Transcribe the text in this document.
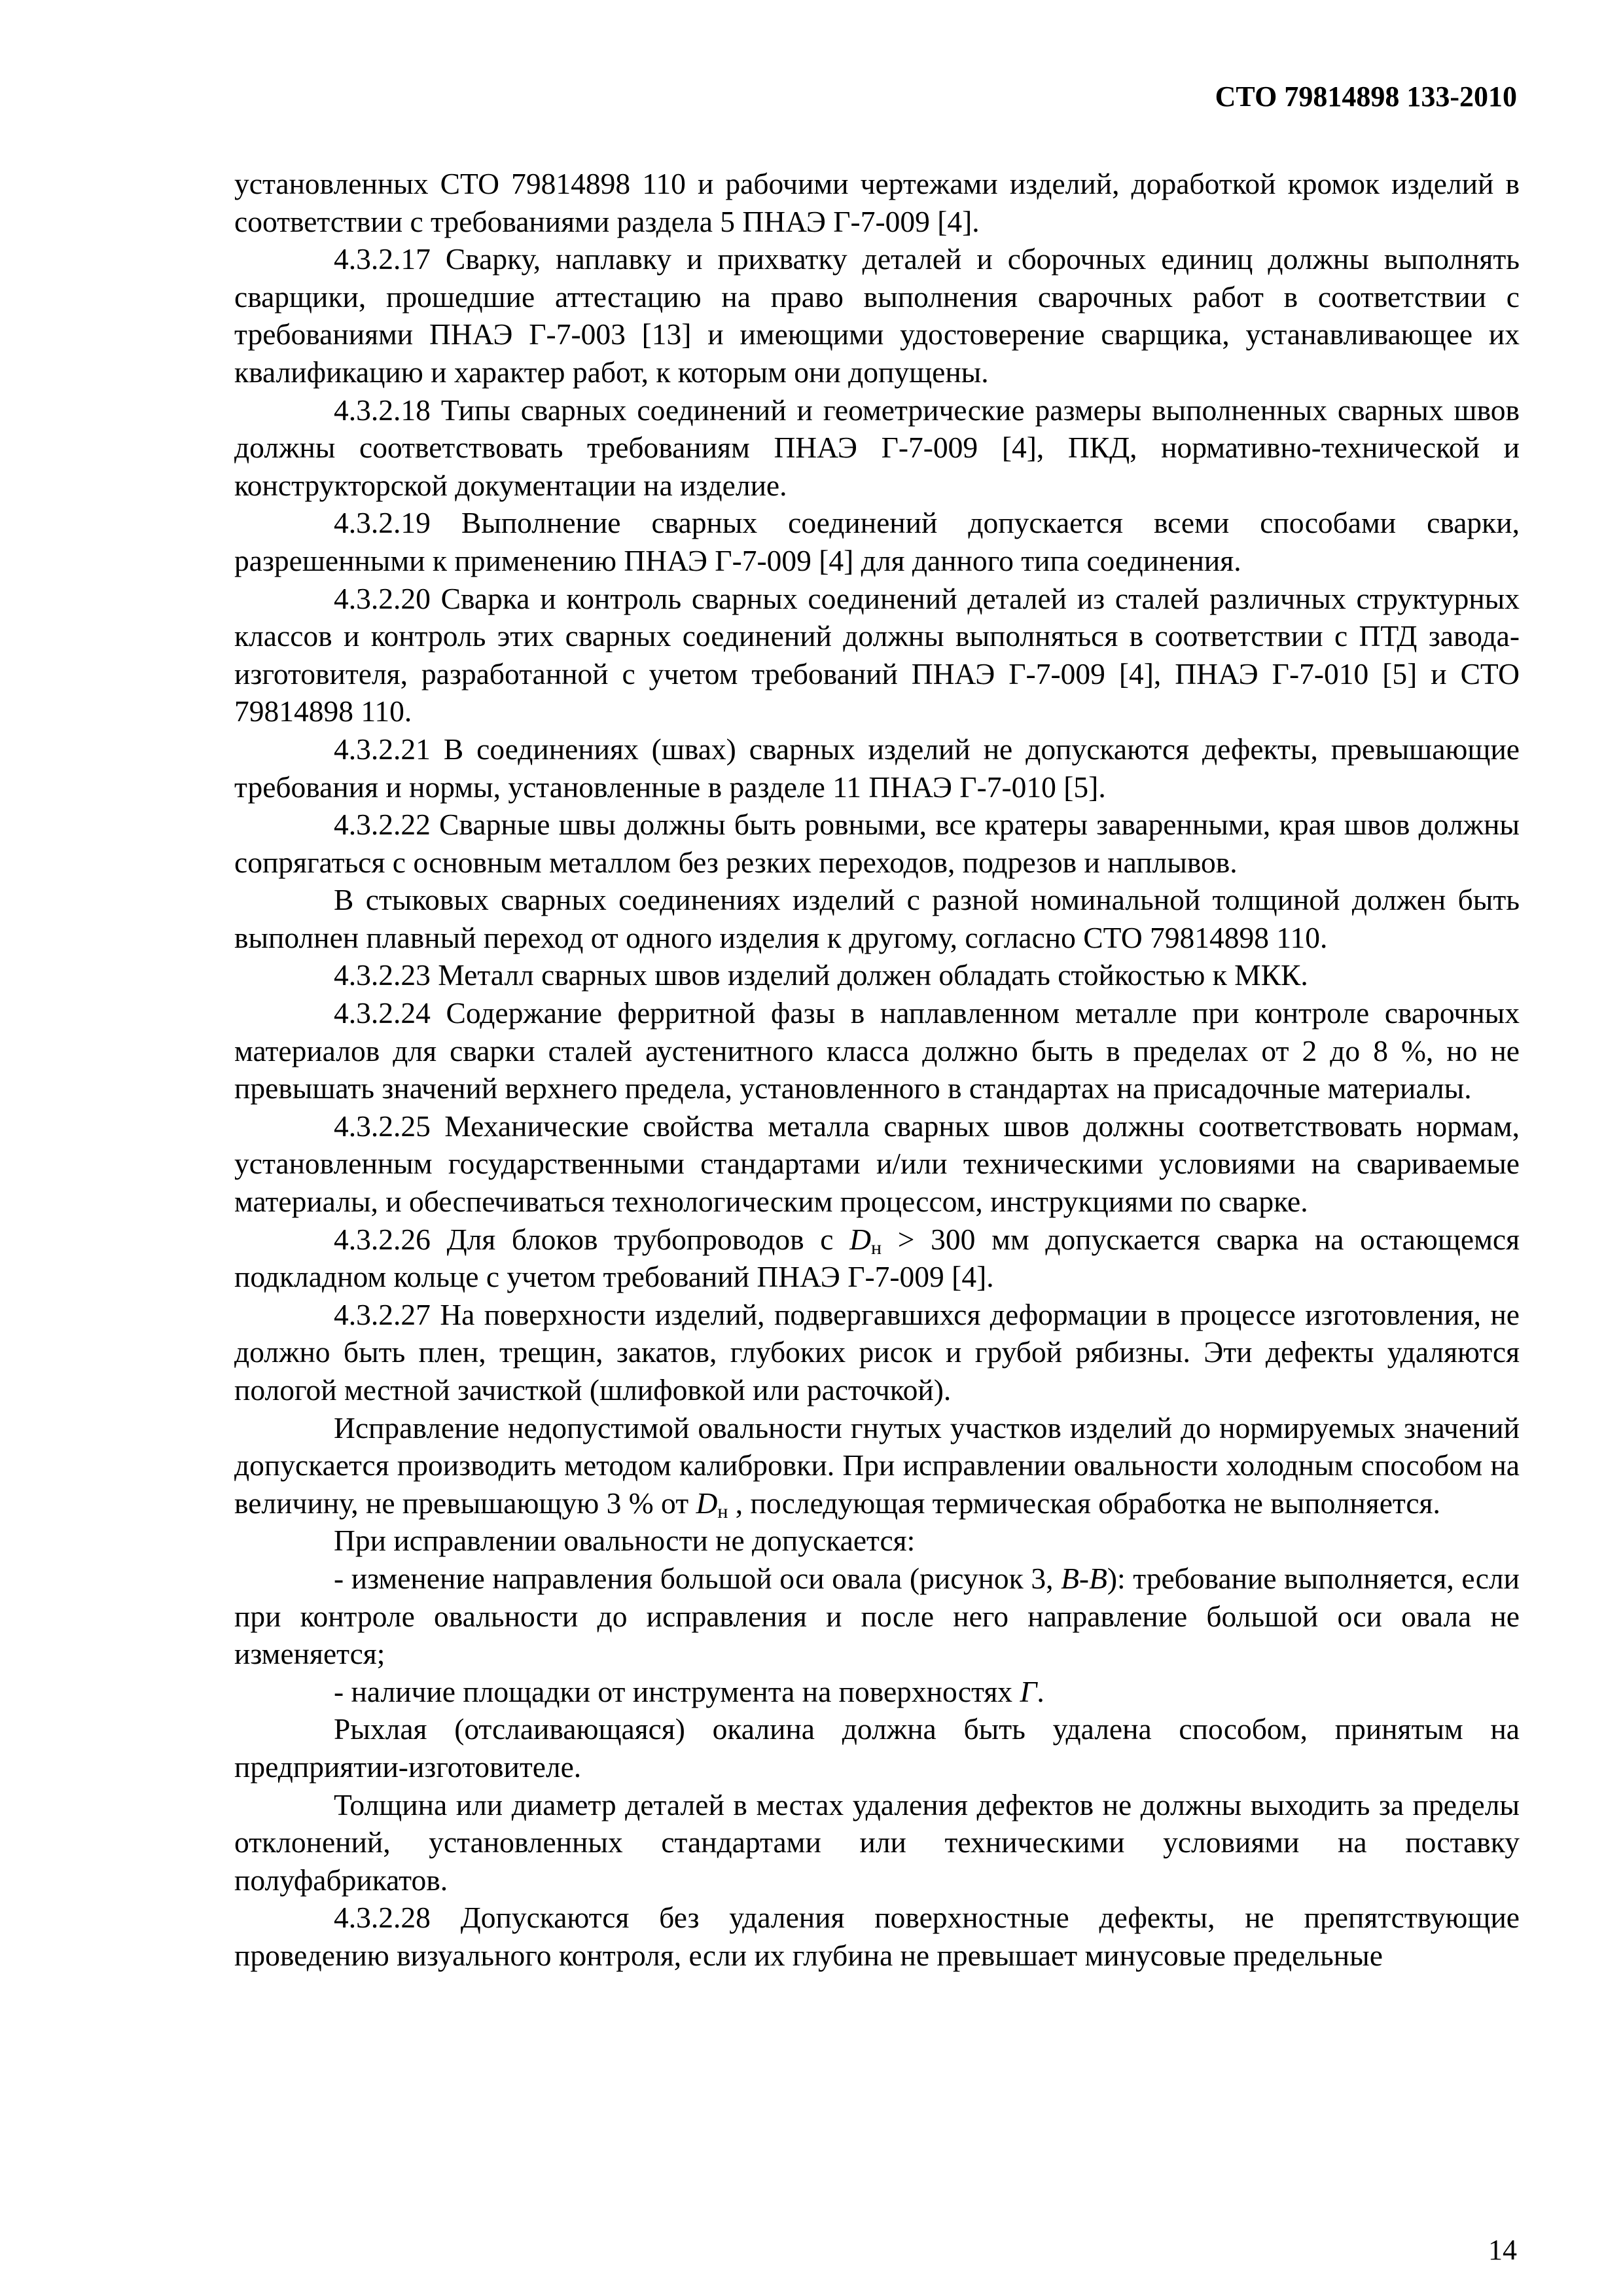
СТО 79814898 133-2010

установленных СТО 79814898 110 и рабочими чертежами изделий, доработкой кромок изделий в соответствии с требованиями раздела 5 ПНАЭ Г-7-009 [4].

4.3.2.17 Сварку, наплавку и прихватку деталей и сборочных единиц должны выполнять сварщики, прошедшие аттестацию на право выполнения сварочных работ в соответствии с требованиями ПНАЭ Г-7-003 [13] и имеющими удостоверение сварщика, устанавливающее их квалификацию и характер работ, к которым они допущены.

4.3.2.18 Типы сварных соединений и геометрические размеры выполненных сварных швов должны соответствовать требованиям ПНАЭ Г-7-009 [4], ПКД, нормативно-технической и конструкторской документации на изделие.

4.3.2.19 Выполнение сварных соединений допускается всеми способами сварки, разрешенными к применению ПНАЭ Г-7-009 [4] для данного типа соединения.

4.3.2.20 Сварка и контроль сварных соединений деталей из сталей различных структурных классов и контроль этих сварных соединений должны выполняться в соответствии с ПТД завода-изготовителя, разработанной с учетом требований ПНАЭ Г-7-009 [4], ПНАЭ Г-7-010 [5] и СТО 79814898 110.

4.3.2.21 В соединениях (швах) сварных изделий не допускаются дефекты, превышающие требования и нормы, установленные в разделе 11 ПНАЭ Г-7-010 [5].

4.3.2.22 Сварные швы должны быть ровными, все кратеры заваренными, края швов должны сопрягаться с основным металлом без резких переходов, подрезов и наплывов.

В стыковых сварных соединениях изделий с разной номинальной толщиной должен быть выполнен плавный переход от одного изделия к другому, согласно СТО 79814898 110.

4.3.2.23 Металл сварных швов изделий должен обладать стойкостью к МКК.

4.3.2.24 Содержание ферритной фазы в наплавленном металле при контроле сварочных материалов для сварки сталей аустенитного класса должно быть в пределах от 2 до 8 %, но не превышать значений верхнего предела, установленного в стандартах на присадочные материалы.

4.3.2.25 Механические свойства металла сварных швов должны соответствовать нормам, установленным государственными стандартами и/или техническими условиями на свариваемые материалы, и обеспечиваться технологическим процессом, инструкциями по сварке.

4.3.2.26 Для блоков трубопроводов с $D_н > 300$ мм допускается сварка на остающемся подкладном кольце с учетом требований ПНАЭ Г-7-009 [4].

4.3.2.27 На поверхности изделий, подвергавшихся деформации в процессе изготовления, не должно быть плен, трещин, закатов, глубоких рисок и грубой рябизны. Эти дефекты удаляются пологой местной зачисткой (шлифовкой или расточкой).

Исправление недопустимой овальности гнутых участков изделий до нормируемых значений допускается производить методом калибровки. При исправлении овальности холодным способом на величину, не превышающую 3 % от $D_н$ , последующая термическая обработка не выполняется.

При исправлении овальности не допускается:

- изменение направления большой оси овала (рисунок 3, В-В): требование выполняется, если при контроле овальности до исправления и после него направление большой оси овала не изменяется;

- наличие площадки от инструмента на поверхностях Г.

Рыхлая (отслаивающаяся) окалина должна быть удалена способом, принятым на предприятии-изготовителе.

Толщина или диаметр деталей в местах удаления дефектов не должны выходить за пределы отклонений, установленных стандартами или техническими условиями на поставку полуфабрикатов.

4.3.2.28 Допускаются без удаления поверхностные дефекты, не препятствующие проведению визуального контроля, если их глубина не превышает минусовые предельные

14
